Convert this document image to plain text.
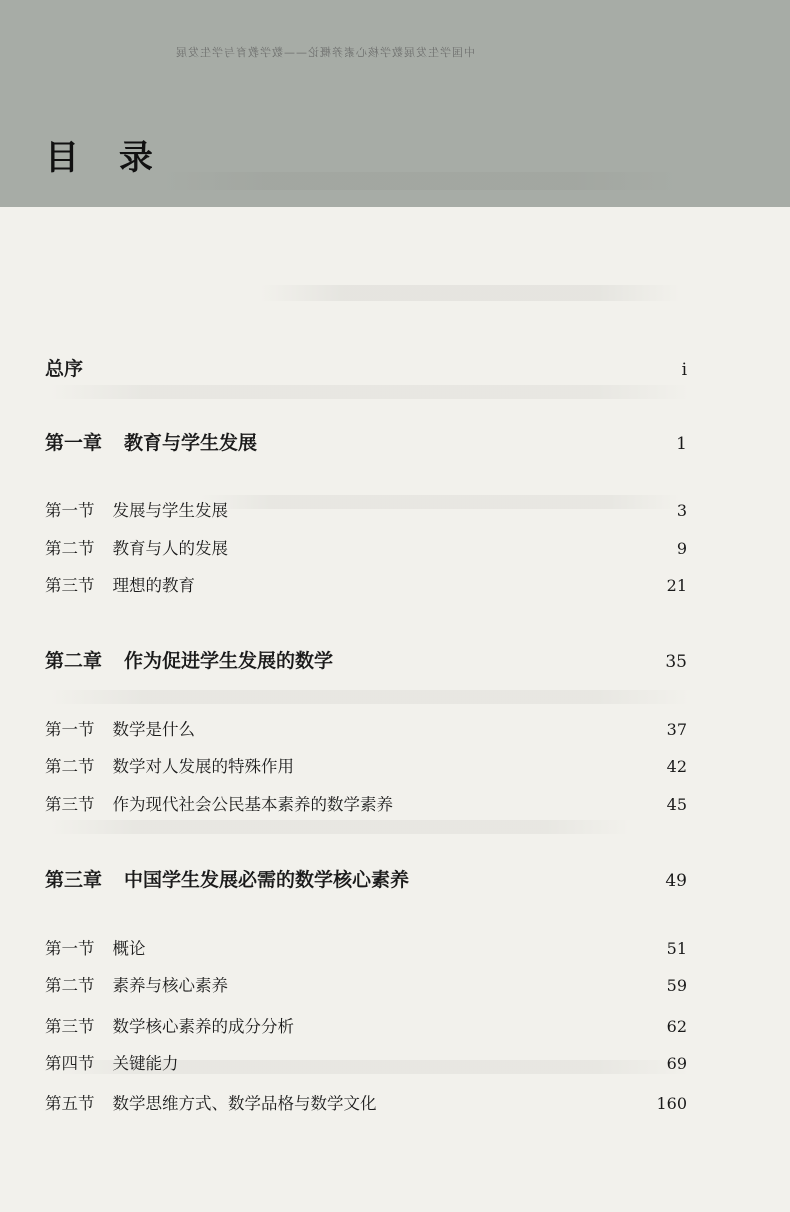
中国学生发展数学核心素养概论——数学教育与学生发展
目 录
总序	i
第一章 教育与学生发展	1
第一节 发展与学生发展	3
第二节 教育与人的发展	9
第三节 理想的教育	21
第二章 作为促进学生发展的数学	35
第一节 数学是什么	37
第二节 数学对人发展的特殊作用	42
第三节 作为现代社会公民基本素养的数学素养	45
第三章 中国学生发展必需的数学核心素养	49
第一节 概论	51
第二节 素养与核心素养	59
第三节 数学核心素养的成分分析	62
第四节 关键能力	69
第五节 数学思维方式、数学品格与数学文化	160
